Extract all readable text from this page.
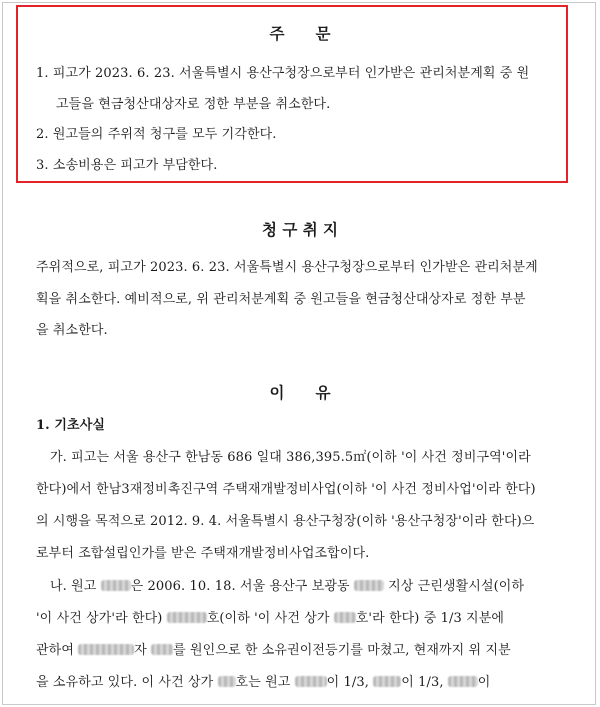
주　　문
1. 피고가 2023. 6. 23. 서울특별시 용산구청장으로부터 인가받은 관리처분계획 중 원
고들을 현금청산대상자로 정한 부분을 취소한다.
2. 원고들의 주위적 청구를 모두 기각한다.
3. 소송비용은 피고가 부담한다.
청 구 취 지
주위적으로, 피고가 2023. 6. 23. 서울특별시 용산구청장으로부터 인가받은 관리처분계
획을 취소한다. 예비적으로, 위 관리처분계획 중 원고들을 현금청산대상자로 정한 부분
을 취소한다.
이　　유
1. 기초사실
가. 피고는 서울 용산구 한남동 686 일대 386,395.5㎡(이하 '이 사건 정비구역'이라
한다)에서 한남3재정비촉진구역 주택재개발정비사업(이하 '이 사건 정비사업'이라 한다)
의 시행을 목적으로 2012. 9. 4. 서울특별시 용산구청장(이하 '용산구청장'이라 한다)으
로부터 조합설립인가를 받은 주택재개발정비사업조합이다.
나. 원고 은 2006. 10. 18. 서울 용산구 보광동  지상 근린생활시설(이하
'이 사건 상가'라 한다)	호(이하 '이 사건 상가 호'라 한다) 중 1/3 지분에
관하여	자 를 원인으로 한 소유권이전등기를 마쳤고, 현재까지 위 지분
을 소유하고 있다. 이 사건 상가 호는 원고 이 1/3, 이 1/3, 이
